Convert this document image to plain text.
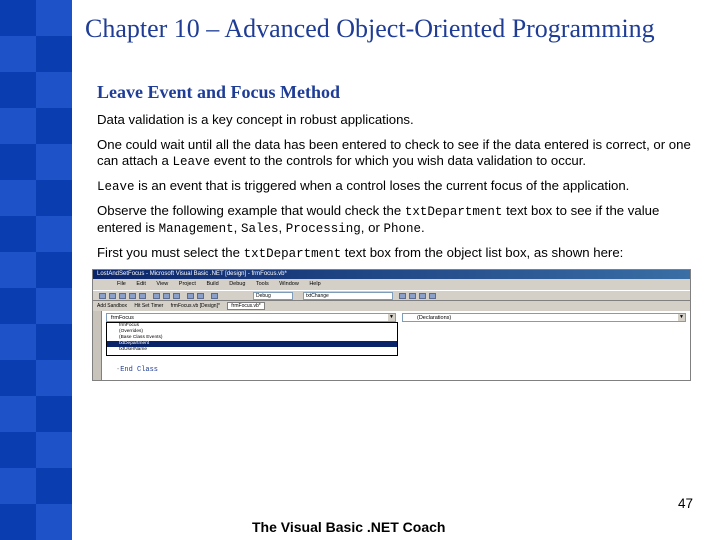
Chapter 10 – Advanced Object-Oriented Programming
Leave Event and Focus Method
Data validation is a key concept in robust applications.
One could wait until all the data has been entered to check to see if the data entered is correct, or one can attach a Leave event to the controls for which you wish data validation to occur.
Leave is an event that is triggered when a control loses the current focus of the application.
Observe the following example that would check the txtDepartment text box to see if the value entered is Management, Sales, Processing, or Phone.
First you must select the txtDepartment text box from the object list box, as shown here:
LostAndSetFocus - Microsoft Visual Basic .NET [design] - frmFocus.vb*
File Edit View Project Build Debug Tools Window Help
Debug	txtChange
Add Sandbox Hit Set Timer frmFocus.vb [Design]* frmFocus.vb*
frmFocus	▼	(Declarations)	▼
frmFocus
(Overrides)
(Base Class Events)
txtDepartment
txtUserName
-End Class
47
The Visual Basic .NET Coach
